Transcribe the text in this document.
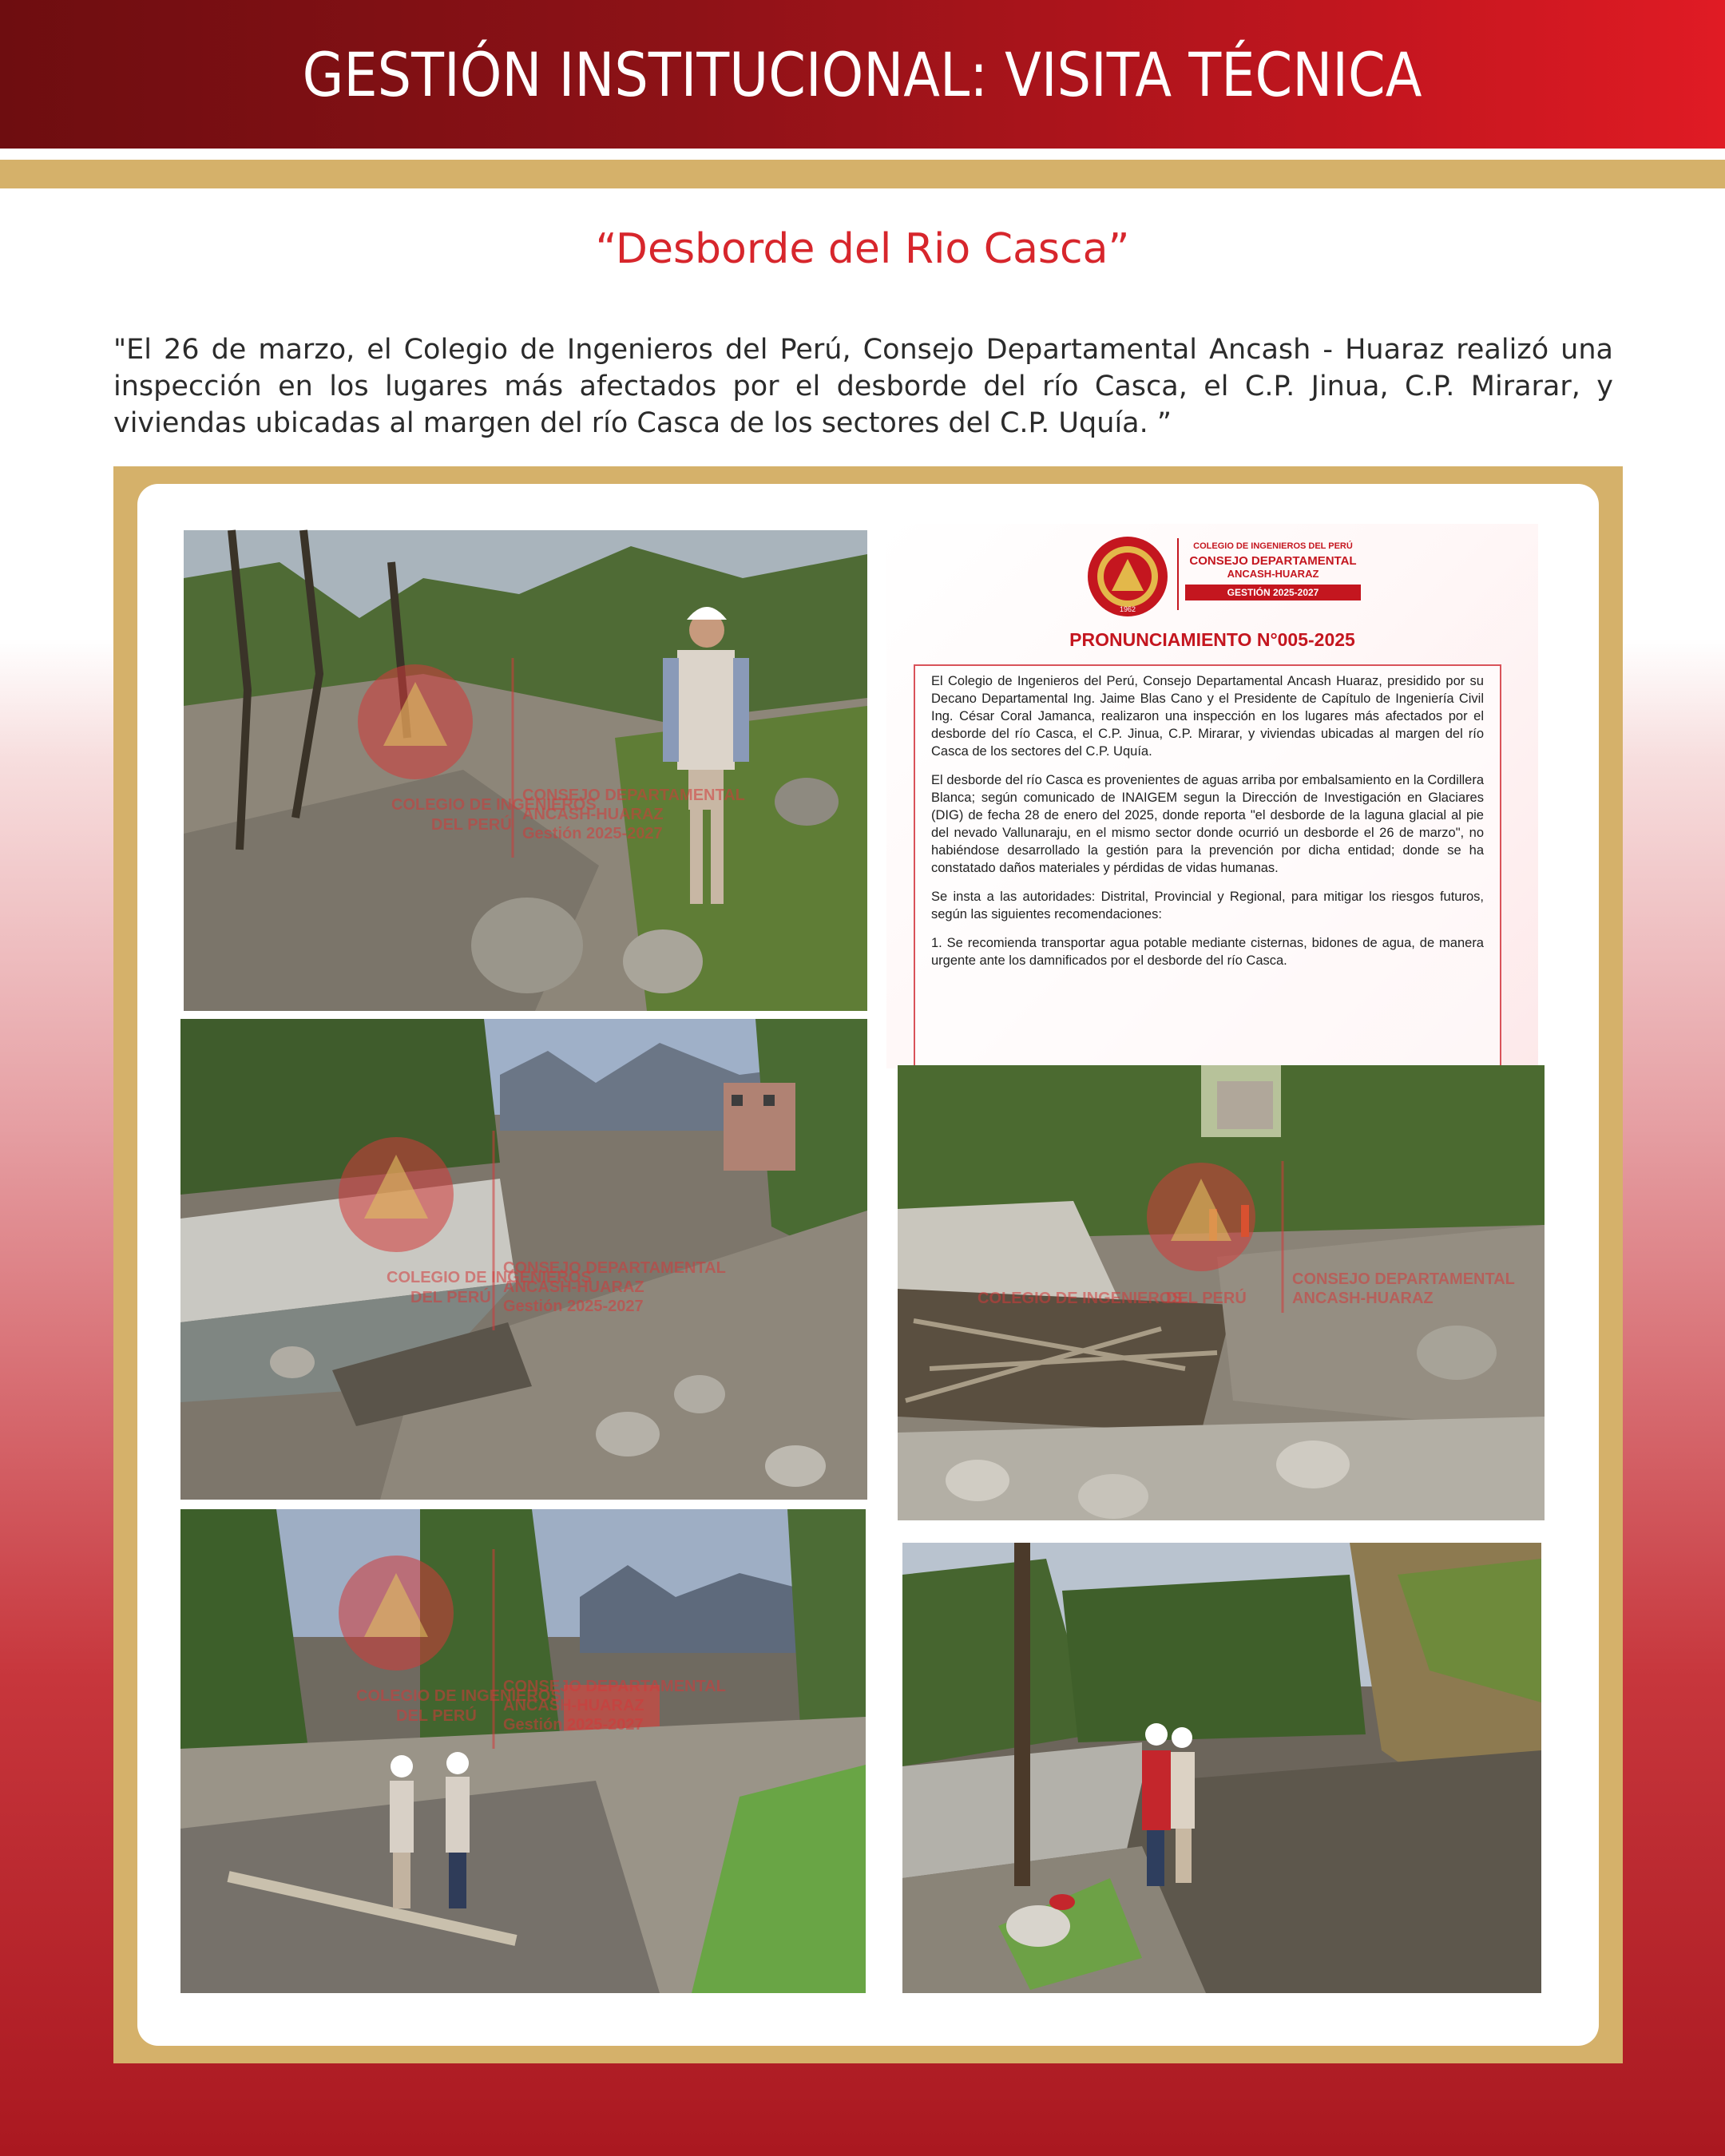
GESTIÓN INSTITUCIONAL: VISITA TÉCNICA
“Desborde del Rio Casca”
"El 26 de marzo, el Colegio de Ingenieros del Perú, Consejo Departamental Ancash - Huaraz realizó una inspección en los lugares más afectados por el desborde del río Casca, el C.P. Jinua, C.P. Mirarar, y viviendas ubicadas al margen del río Casca de los sectores del C.P. Uquía. ”
COLEGIO DE INGENIEROS
DEL PERÚ
CONSEJO DEPARTAMENTAL
ANCASH-HUARAZ
Gestión 2025-2027
COLEGIO DE INGENIEROS
DEL PERÚ
CONSEJO DEPARTAMENTAL
ANCASH-HUARAZ
Gestión 2025-2027
COLEGIO DE INGENIEROS
DEL PERÚ
CONSEJO DEPARTAMENTAL
ANCASH-HUARAZ
Gestión 2025-2027
1962
COLEGIO DE INGENIEROS DEL PERÚ
CONSEJO DEPARTAMENTAL
ANCASH-HUARAZ
GESTIÓN 2025-2027
PRONUNCIAMIENTO N°005-2025

El Colegio de Ingenieros del Perú, Consejo Departamental Ancash Huaraz, presidido por su Decano Departamental Ing. Jaime Blas Cano y el Presidente de Capítulo de Ingeniería Civil Ing. César Coral Jamanca, realizaron una inspección en los lugares más afectados por el desborde del río Casca, el C.P. Jinua, C.P. Mirarar, y viviendas ubicadas al margen del río Casca de los sectores del C.P. Uquía.

El desborde del río Casca es provenientes de aguas arriba por embalsamiento en la Cordillera Blanca; según comunicado de INAIGEM segun la Dirección de Investigación en Glaciares (DIG) de fecha 28 de enero del 2025, donde reporta "el desborde de la laguna glacial al pie del nevado Vallunaraju, en el mismo sector donde ocurrió un desborde el 26 de marzo", no habiéndose desarrollado la gestión para la prevención por dicha entidad; donde se ha constatado daños materiales y pérdidas de vidas humanas.

Se insta a las autoridades: Distrital, Provincial y Regional, para mitigar los riesgos futuros, según las siguientes recomendaciones:

1. Se recomienda transportar agua potable mediante cisternas, bidones de agua, de manera urgente ante los damnificados por el desborde del río Casca.

COLEGIO DE INGENIEROS
DEL PERÚ
CONSEJO DEPARTAMENTAL
ANCASH-HUARAZ
